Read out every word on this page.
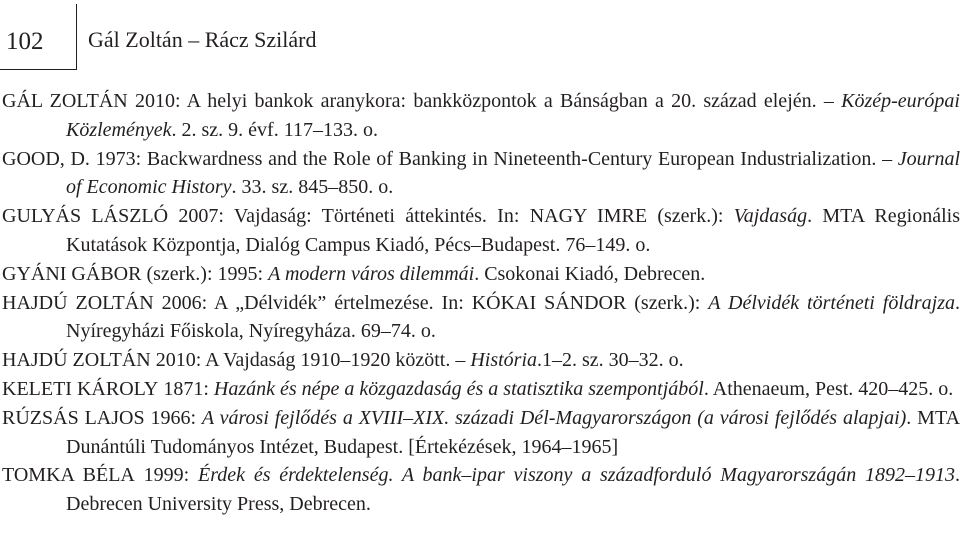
102 Gál Zoltán – Rácz Szilárd
GÁL ZOLTÁN 2010: A helyi bankok aranykora: bankközpontok a Bánságban a 20. század elején. – Közép-európai Közlemények. 2. sz. 9. évf. 117–133. o.
GOOD, D. 1973: Backwardness and the Role of Banking in Nineteenth-Century European Industrialization. – Journal of Economic History. 33. sz. 845–850. o.
GULYÁS LÁSZLÓ 2007: Vajdaság: Történeti áttekintés. In: NAGY IMRE (szerk.): Vajdaság. MTA Regionális Kutatások Központja, Dialóg Campus Kiadó, Pécs–Budapest. 76–149. o.
GYÁNI GÁBOR (szerk.): 1995: A modern város dilemmái. Csokonai Kiadó, Debrecen.
HAJDÚ ZOLTÁN 2006: A „Délvidék” értelmezése. In: KÓKAI SÁNDOR (szerk.): A Délvidék történeti földrajza. Nyíregyházi Főiskola, Nyíregyháza. 69–74. o.
HAJDÚ ZOLTÁN 2010: A Vajdaság 1910–1920 között. – História.1–2. sz. 30–32. o.
KELETI KÁROLY 1871: Hazánk és népe a közgazdaság és a statisztika szempontjából. Athenaeum, Pest. 420–425. o.
RÚZSÁS LAJOS 1966: A városi fejlődés a XVIII–XIX. századi Dél-Magyarországon (a városi fejlődés alapjai). MTA Dunántúli Tudományos Intézet, Budapest. [Értekézések, 1964–1965]
TOMKA BÉLA 1999: Érdek és érdektelenség. A bank–ipar viszony a századforduló Magyarországán 1892–1913. Debrecen University Press, Debrecen.
